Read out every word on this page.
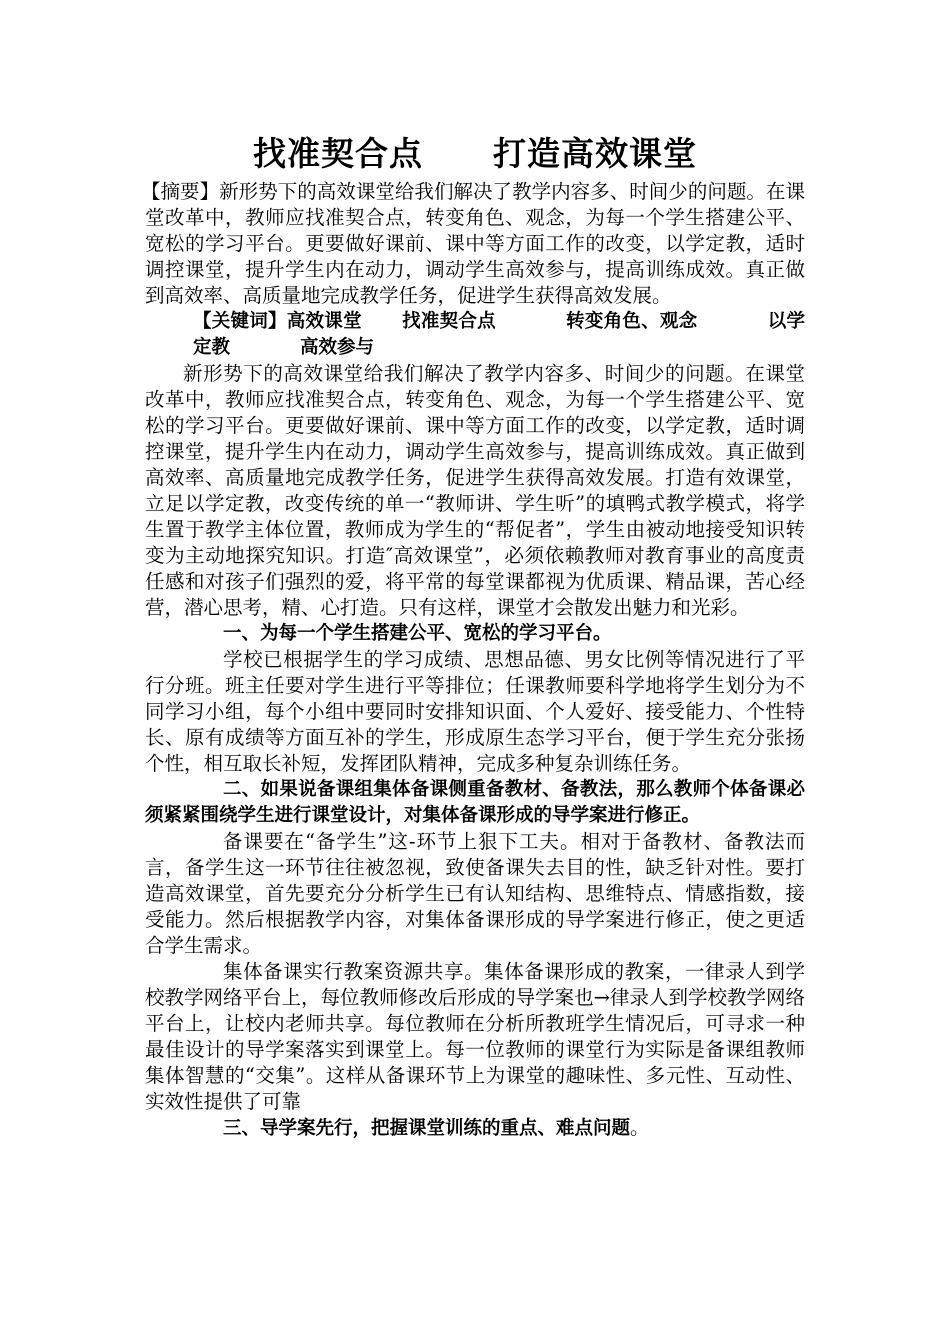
找准契合点 打造高效课堂

【摘要】新形势下的高效课堂给我们解决了教学内容多、时间少的问题。在课堂改革中，教师应找准契合点，转变角色、观念，为每一个学生搭建公平、宽松的学习平台。更要做好课前、课中等方面工作的改变，以学定教，适时调控课堂，提升学生内在动力，调动学生高效参与，提高训练成效。真正做到高效率、高质量地完成教学任务，促进学生获得高效发展。

【关键词】高效课堂 找准契合点	转变角色、观念	以学定教	高效参与

新形势下的高效课堂给我们解决了教学内容多、时间少的问题。在课堂改革中，教师应找准契合点，转变角色、观念，为每一个学生搭建公平、宽松的学习平台。更要做好课前、课中等方面工作的改变，以学定教，适时调控课堂，提升学生内在动力，调动学生高效参与，提高训练成效。真正做到高效率、高质量地完成教学任务，促进学生获得高效发展。打造有效课堂，立足以学定教，改变传统的单一“教师讲、学生听”的填鸭式教学模式，将学生置于教学主体位置，教师成为学生的“帮促者”，学生由被动地接受知识转变为主动地探究知识。打造″高效课堂”，必须依赖教师对教育事业的高度责任感和对孩子们强烈的爱，将平常的每堂课都视为优质课、精品课，苦心经营，潜心思考，精、心打造。只有这样，课堂才会散发出魅力和光彩。

一、为每一个学生搭建公平、宽松的学习平台。

学校已根据学生的学习成绩、思想品德、男女比例等情况进行了平行分班。班主任要对学生进行平等排位；任课教师要科学地将学生划分为不同学习小组，每个小组中要同时安排知识面、个人爱好、接受能力、个性特长、原有成绩等方面互补的学生，形成原生态学习平台，便于学生充分张扬个性，相互取长补短，发挥团队精神，完成多种复杂训练任务。

二、如果说备课组集体备课侧重备教材、备教法，那么教师个体备课必须紧紧围绕学生进行课堂设计，对集体备课形成的导学案进行修正。

备课要在“备学生”这-环节上狠下工夫。相对于备教材、备教法而言，备学生这一环节往往被忽视，致使备课失去目的性，缺乏针对性。要打造高效课堂，首先要充分分析学生已有认知结构、思维特点、情感指数，接受能力。然后根据教学内容，对集体备课形成的导学案进行修正，使之更适合学生需求。

集体备课实行教案资源共享。集体备课形成的教案，一律录人到学校教学网络平台上，每位教师修改后形成的导学案也→律录人到学校教学网络平台上，让校内老师共享。每位教师在分析所教班学生情况后，可寻求一种最佳设计的导学案落实到课堂上。每一位教师的课堂行为实际是备课组教师集体智慧的“交集”。这样从备课环节上为课堂的趣味性、多元性、互动性、实效性提供了可靠

三、导学案先行，把握课堂训练的重点、难点问题。
